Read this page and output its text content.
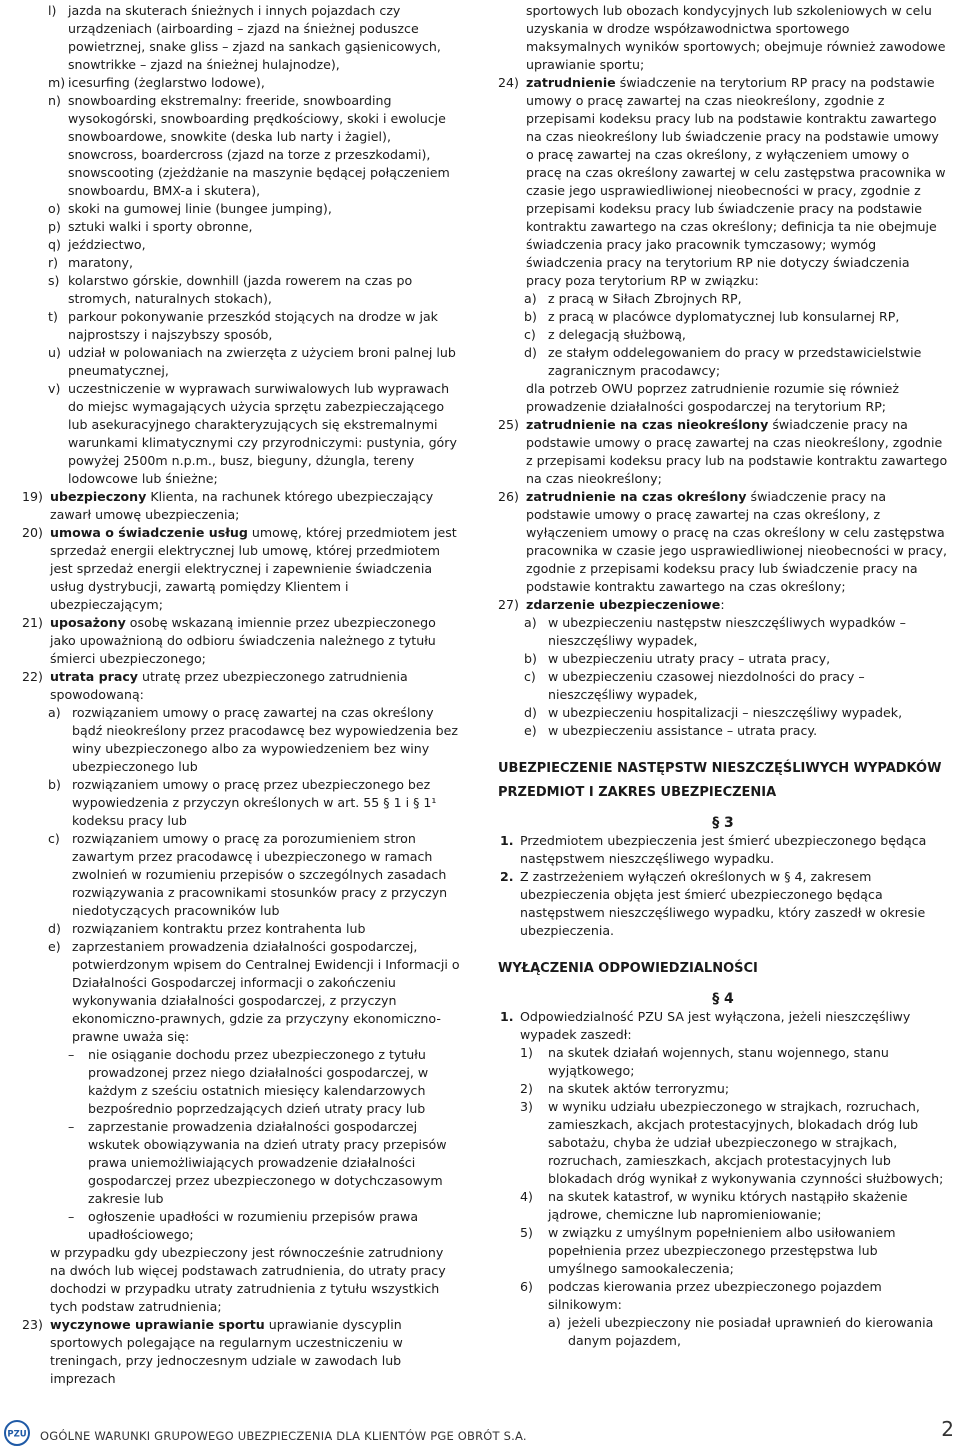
l) jazda na skuterach śnieżnych i innych pojazdach czy urządzeniach (airboarding – zjazd na śnieżnej poduszce powietrznej, snake gliss – zjazd na sankach gąsienicowych, snowtrikke – zjazd na śnieżnej hulajnodze),
m) icesurfing (żeglarstwo lodowe),
n) snowboarding ekstremalny: freeride, snowboarding wysokogórski, snowboarding prędkościowy, skoki i ewolucje snowboardowe, snowkite (deska lub narty i żagiel), snowcross, boardercross (zjazd na torze z przeszkodami), snowscooting (zjeżdżanie na maszynie będącej połączeniem snowboardu, BMX-a i skutera),
o) skoki na gumowej linie (bungee jumping),
p) sztuki walki i sporty obronne,
q) jeździectwo,
r) maratony,
s) kolarstwo górskie, downhill (jazda rowerem na czas po stromych, naturalnych stokach),
t) parkour pokonywanie przeszkód stojących na drodze w jak najprostszy i najszybszy sposób,
u) udział w polowaniach na zwierzęta z użyciem broni palnej lub pneumatycznej,
v) uczestniczenie w wyprawach surwiwalowych lub wyprawach do miejsc wymagających użycia sprzętu zabezpieczającego lub asekuracyjnego charakteryzujących się ekstremalnymi warunkami klimatycznymi czy przyrodniczymi: pustynia, góry powyżej 2500m n.p.m., busz, bieguny, dżungla, tereny lodowcowe lub śnieżne;
19) ubezpieczony Klienta, na rachunek którego ubezpieczający zawarł umowę ubezpieczenia;
20) umowa o świadczenie usług umowę, której przedmiotem jest sprzedaż energii elektrycznej lub umowę, której przedmiotem jest sprzedaż energii elektrycznej i zapewnienie świadczenia usług dystrybucji, zawartą pomiędzy Klientem i ubezpieczającym;
21) uposażony osobę wskazaną imiennie przez ubezpieczonego jako upoważnioną do odbioru świadczenia należnego z tytułu śmierci ubezpieczonego;
22) utrata pracy utratę przez ubezpieczonego zatrudnienia spowodowaną:
a) rozwiązaniem umowy o pracę zawartej na czas określony bądź nieokreślony przez pracodawcę bez wypowiedzenia bez winy ubezpieczonego albo za wypowiedzeniem bez winy ubezpieczonego lub
b) rozwiązaniem umowy o pracę przez ubezpieczonego bez wypowiedzenia z przyczyn określonych w art. 55 § 1 i § 1¹ kodeksu pracy lub
c) rozwiązaniem umowy o pracę za porozumieniem stron zawartym przez pracodawcę i ubezpieczonego w ramach zwolnień w rozumieniu przepisów o szczególnych zasadach rozwiązywania z pracownikami stosunków pracy z przyczyn niedotyczących pracowników lub
d) rozwiązaniem kontraktu przez kontrahenta lub
e) zaprzestaniem prowadzenia działalności gospodarczej, potwierdzonym wpisem do Centralnej Ewidencji i Informacji o Działalności Gospodarczej informacji o zakończeniu wykonywania działalności gospodarczej, z przyczyn ekonomiczno-prawnych, gdzie za przyczyny ekonomiczno-prawne uważa się:
–	nie osiąganie dochodu przez ubezpieczonego z tytułu prowadzonej przez niego działalności gospodarczej, w każdym z sześciu ostatnich miesięcy kalendarzowych bezpośrednio poprzedzających dzień utraty pracy lub
–	zaprzestanie prowadzenia działalności gospodarczej wskutek obowiązywania na dzień utraty pracy przepisów prawa uniemożliwiających prowadzenie działalności gospodarczej przez ubezpieczonego w dotychczasowym zakresie lub
–	ogłoszenie upadłości w rozumieniu przepisów prawa upadłościowego;

w przypadku gdy ubezpieczony jest równocześnie zatrudniony na dwóch lub więcej podstawach zatrudnienia, do utraty pracy dochodzi w przypadku utraty zatrudnienia z tytułu wszystkich tych podstaw zatrudnienia;

23) wyczynowe uprawianie sportu uprawianie dyscyplin sportowych polegające na regularnym uczestniczeniu w treningach, przy jednoczesnym udziale w zawodach lub imprezach

sportowych lub obozach kondycyjnych lub szkoleniowych w celu uzyskania w drodze współzawodnictwa sportowego maksymalnych wyników sportowych; obejmuje również zawodowe uprawianie sportu;

24) zatrudnienie świadczenie na terytorium RP pracy na podstawie umowy o pracę zawartej na czas nieokreślony, zgodnie z przepisami kodeksu pracy lub na podstawie kontraktu zawartego na czas nieokreślony lub świadczenie pracy na podstawie umowy o pracę zawartej na czas określony, z wyłączeniem umowy o pracę na czas określony zawartej w celu zastępstwa pracownika w czasie jego usprawiedliwionej nieobecności w pracy, zgodnie z przepisami kodeksu pracy lub świadczenie pracy na podstawie kontraktu zawartego na czas określony; definicja ta nie obejmuje świadczenia pracy jako pracownik tymczasowy; wymóg świadczenia pracy na terytorium RP nie dotyczy świadczenia pracy poza terytorium RP w związku:
a) z pracą w Siłach Zbrojnych RP,
b) z pracą w placówce dyplomatycznej lub konsularnej RP,
c) z delegacją służbową,
d) ze stałym oddelegowaniem do pracy w przedstawicielstwie zagranicznym pracodawcy;

dla potrzeb OWU poprzez zatrudnienie rozumie się również prowadzenie działalności gospodarczej na terytorium RP;

25) zatrudnienie na czas nieokreślony świadczenie pracy na podstawie umowy o pracę zawartej na czas nieokreślony, zgodnie z przepisami kodeksu pracy lub na podstawie kontraktu zawartego na czas nieokreślony;
26) zatrudnienie na czas określony świadczenie pracy na podstawie umowy o pracę zawartej na czas określony, z wyłączeniem umowy o pracę na czas określony w celu zastępstwa pracownika w czasie jego usprawiedliwionej nieobecności w pracy, zgodnie z przepisami kodeksu pracy lub świadczenie pracy na podstawie kontraktu zawartego na czas określony;
27) zdarzenie ubezpieczeniowe:
a) w ubezpieczeniu następstw nieszczęśliwych wypadków – nieszczęśliwy wypadek,
b) w ubezpieczeniu utraty pracy – utrata pracy,
c) w ubezpieczeniu czasowej niezdolności do pracy – nieszczęśliwy wypadek,
d) w ubezpieczeniu hospitalizacji – nieszczęśliwy wypadek,
e) w ubezpieczeniu assistance – utrata pracy.

UBEZPIECZENIE NASTĘPSTW NIESZCZĘŚLIWYCH WYPADKÓW

PRZEDMIOT I ZAKRES UBEZPIECZENIA

§ 3

1. Przedmiotem ubezpieczenia jest śmierć ubezpieczonego będąca następstwem nieszczęśliwego wypadku.
2. Z zastrzeżeniem wyłączeń określonych w § 4, zakresem ubezpieczenia objęta jest śmierć ubezpieczonego będąca następstwem nieszczęśliwego wypadku, który zaszedł w okresie ubezpieczenia.

WYŁĄCZENIA ODPOWIEDZIALNOŚCI

§ 4

1. Odpowiedzialność PZU SA jest wyłączona, jeżeli nieszczęśliwy wypadek zaszedł:
1)	na skutek działań wojennych, stanu wojennego, stanu wyjątkowego;
2)	na skutek aktów terroryzmu;
3)	w wyniku udziału ubezpieczonego w strajkach, rozruchach, zamieszkach, akcjach protestacyjnych, blokadach dróg lub sabotażu, chyba że udział ubezpieczonego w strajkach, rozruchach, zamieszkach, akcjach protestacyjnych lub blokadach dróg wynikał z wykonywania czynności służbowych;
4)	na skutek katastrof, w wyniku których nastąpiło skażenie jądrowe, chemiczne lub napromieniowanie;
5)	w związku z umyślnym popełnieniem albo usiłowaniem popełnienia przez ubezpieczonego przestępstwa lub umyślnego samookaleczenia;
6)	podczas kierowania przez ubezpieczonego pojazdem silnikowym:
a) jeżeli ubezpieczony nie posiadał uprawnień do kierowania danym pojazdem,
PZU OGÓLNE WARUNKI GRUPOWEGO UBEZPIECZENIA DLA KLIENTÓW PGE OBRÓT S.A.	2
